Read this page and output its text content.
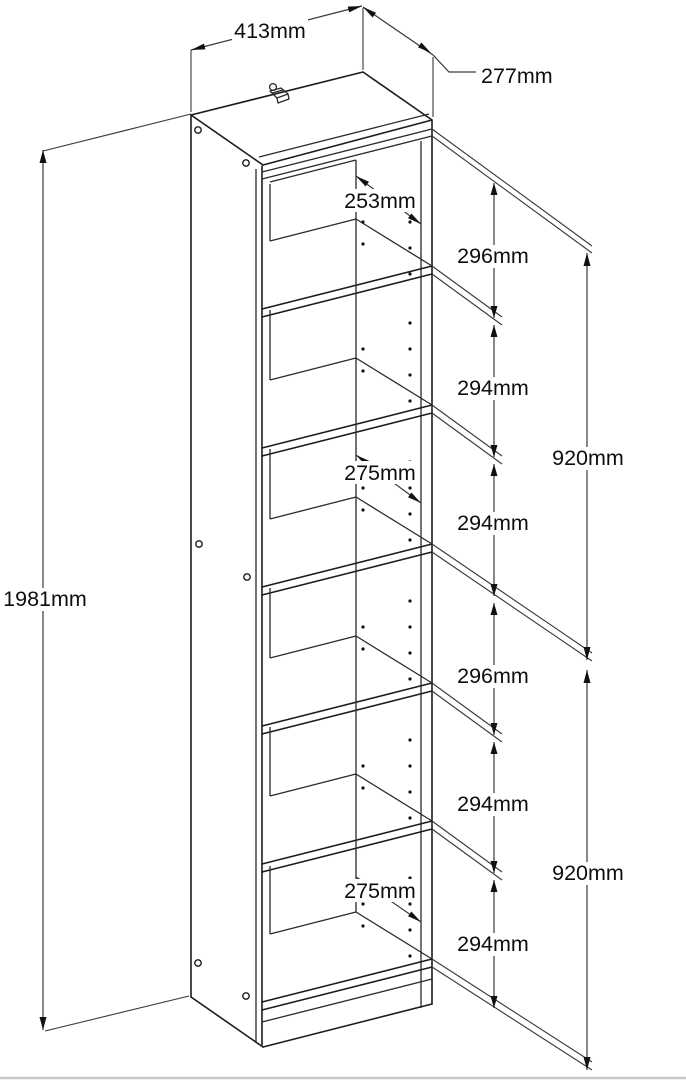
413mm
277mm
1981mm
296mm
294mm
294mm
296mm
294mm
294mm
920mm
920mm
253mm
275mm
275mm
